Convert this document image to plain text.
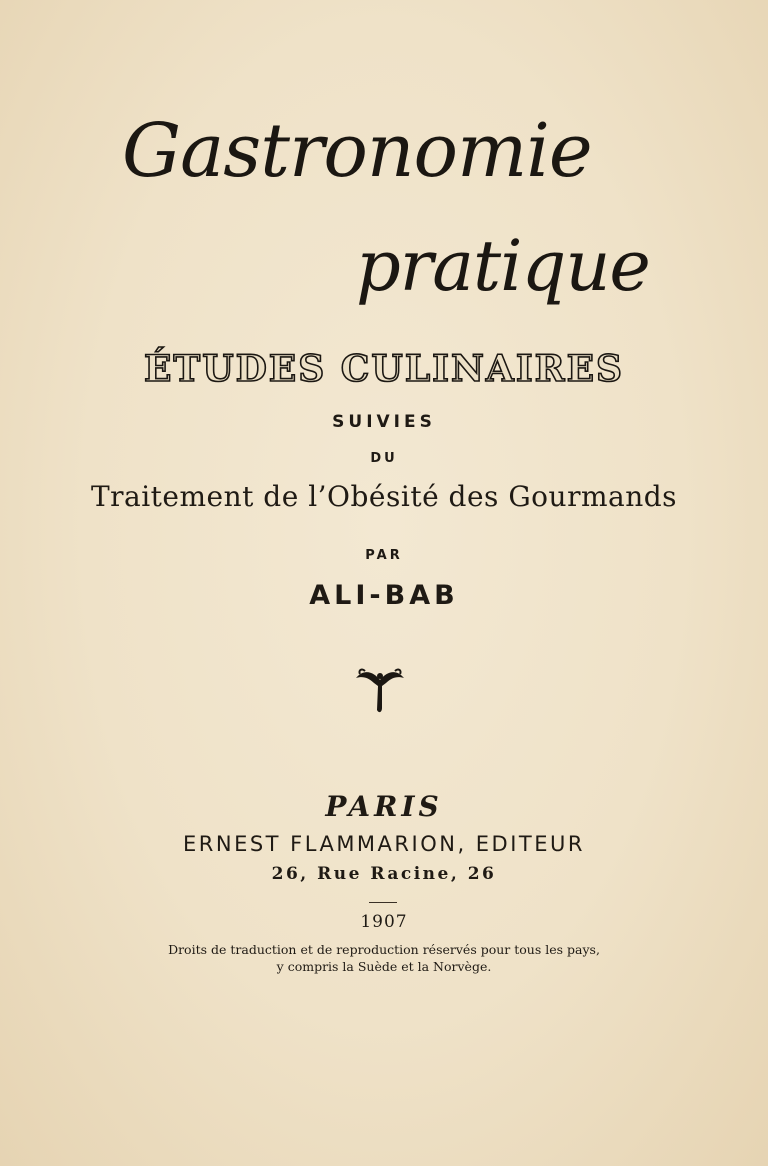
Gastronomie
pratique
ÉTUDES CULINAIRES
SUIVIES
DU
Traitement de l’Obésité des Gourmands
PAR
ALI-BAB
PARIS
ERNEST FLAMMARION, EDITEUR
26, Rue Racine, 26
1907
Droits de traduction et de reproduction réservés pour tous les pays,
y compris la Suède et la Norvège.
